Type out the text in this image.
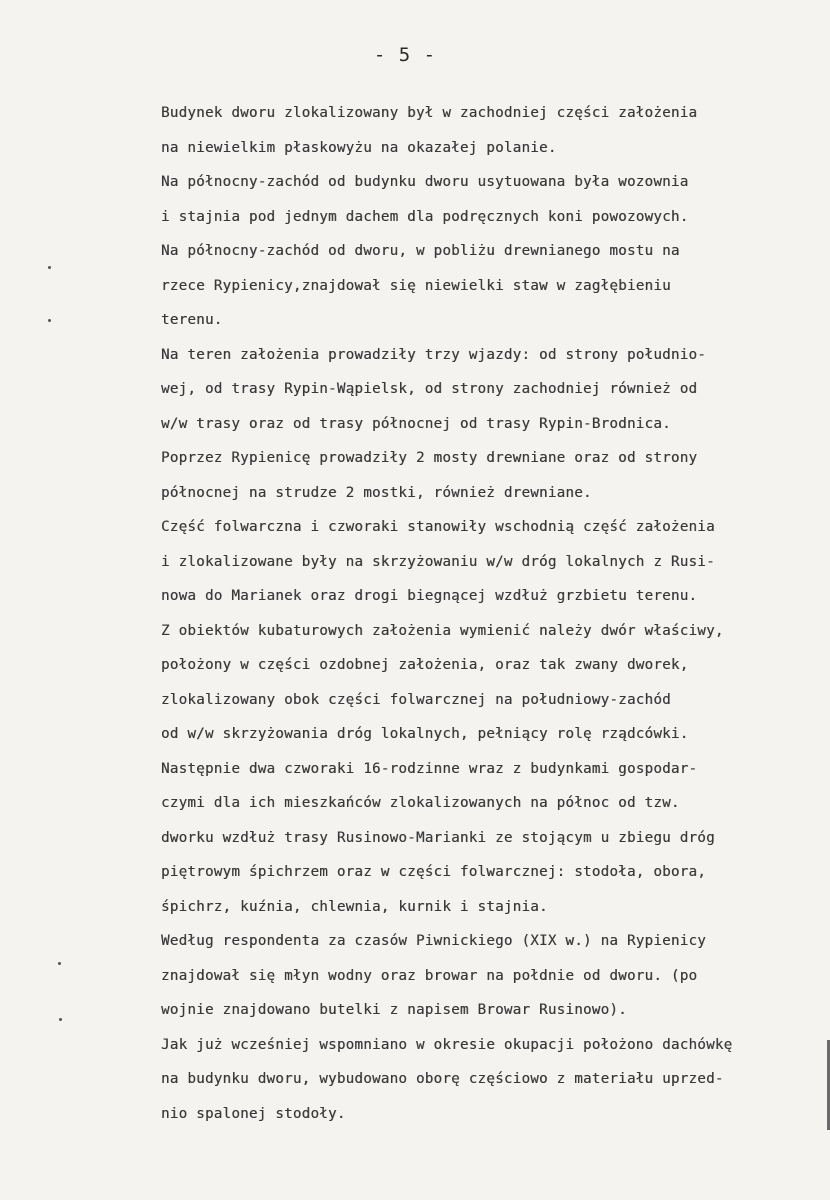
- 5 -
Budynek dworu zlokalizowany był w zachodniej części założenia
na niewielkim płaskowyżu na okazałej polanie.
Na północny-zachód od budynku dworu usytuowana była wozownia
i stajnia pod jednym dachem dla podręcznych koni powozowych.
Na północny-zachód od dworu, w pobliżu drewnianego mostu na
rzece Rypienicy,znajdował się niewielki staw w zagłębieniu
terenu.
Na teren założenia prowadziły trzy wjazdy: od strony południo-
wej, od trasy Rypin-Wąpielsk, od strony zachodniej również od
w/w trasy oraz od trasy północnej od trasy Rypin-Brodnica.
Poprzez Rypienicę prowadziły 2 mosty drewniane oraz od strony
północnej na strudze 2 mostki, również drewniane.
Część folwarczna i czworaki stanowiły wschodnią część założenia
i zlokalizowane były na skrzyżowaniu w/w dróg lokalnych z Rusi-
nowa do Marianek oraz drogi biegnącej wzdłuż grzbietu terenu.
Z obiektów kubaturowych założenia wymienić należy dwór właściwy,
położony w części ozdobnej założenia, oraz tak zwany dworek,
zlokalizowany obok części folwarcznej na południowy-zachód
od w/w skrzyżowania dróg lokalnych, pełniący rolę rządcówki.
Następnie dwa czworaki 16-rodzinne wraz z budynkami gospodar-
czymi dla ich mieszkańców zlokalizowanych na północ od tzw.
dworku wzdłuż trasy Rusinowo-Marianki ze stojącym u zbiegu dróg
piętrowym śpichrzem oraz w części folwarcznej: stodoła, obora,
śpichrz, kuźnia, chlewnia, kurnik i stajnia.
Według respondenta za czasów Piwnickiego (XIX w.) na Rypienicy
znajdował się młyn wodny oraz browar na połdnie od dworu. (po
wojnie znajdowano butelki z napisem Browar Rusinowo).
Jak już wcześniej wspomniano w okresie okupacji położono dachówkę
na budynku dworu, wybudowano oborę częściowo z materiału uprzed-
nio spalonej stodoły.
